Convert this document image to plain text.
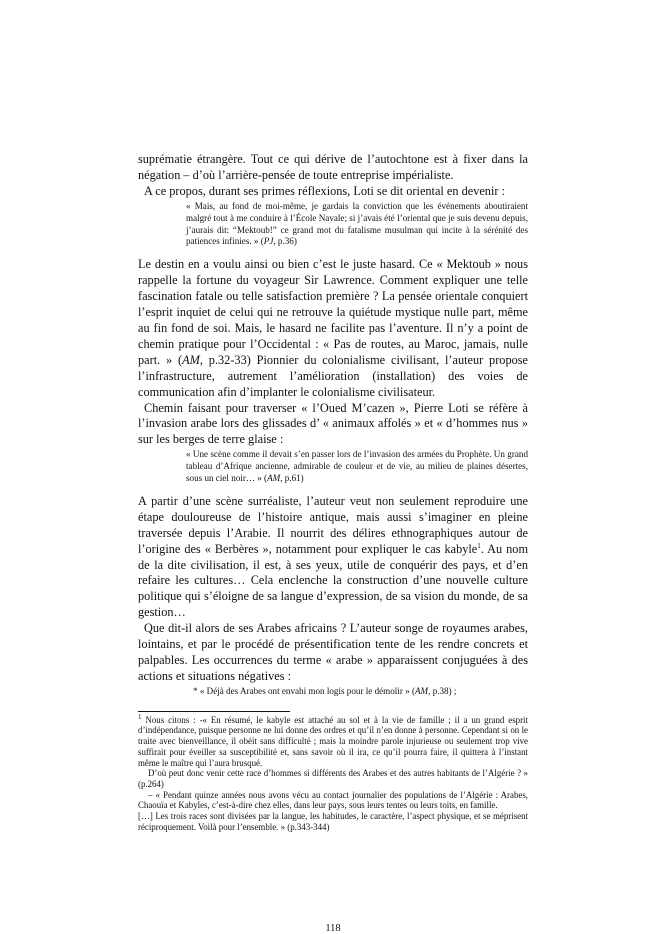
suprématie étrangère. Tout ce qui dérive de l’autochtone est à fixer dans la négation – d’où l’arrière-pensée de toute entreprise impérialiste.

A ce propos, durant ses primes réflexions, Loti se dit oriental en devenir :

« Mais, au fond de moi-même, je gardais la conviction que les événements aboutiraient malgré tout à me conduire à l’École Navale; si j’avais été l’oriental que je suis devenu depuis, j’aurais dit: “Mektoub!” ce grand mot du fatalisme musulman qui incite à la sérénité des patiences infinies. » (PJ, p.36)

Le destin en a voulu ainsi ou bien c’est le juste hasard. Ce « Mektoub » nous rappelle la fortune du voyageur Sir Lawrence. Comment expliquer une telle fascination fatale ou telle satisfaction première ? La pensée orientale conquiert l’esprit inquiet de celui qui ne retrouve la quiétude mystique nulle part, même au fin fond de soi. Mais, le hasard ne facilite pas l’aventure. Il n’y a point de chemin pratique pour l’Occidental : « Pas de routes, au Maroc, jamais, nulle part. » (AM, p.32-33) Pionnier du colonialisme civilisant, l’auteur propose l’infrastructure, autrement l’amélioration (installation) des voies de communication afin d’implanter le colonialisme civilisateur.

Chemin faisant pour traverser « l’Oued M’cazen », Pierre Loti se réfère à l’invasion arabe lors des glissades d’ « animaux affolés » et « d’hommes nus » sur les berges de terre glaise :

« Une scène comme il devait s’en passer lors de l’invasion des armées du Prophète. Un grand tableau d’Afrique ancienne, admirable de couleur et de vie, au milieu de plaines désertes, sous un ciel noir… » (AM, p.61)

A partir d’une scène surréaliste, l’auteur veut non seulement reproduire une étape douloureuse de l’histoire antique, mais aussi s’imaginer en pleine traversée depuis l’Arabie. Il nourrit des délires ethnographiques autour de l’origine des « Berbères », notamment pour expliquer le cas kabyle$^1$. Au nom de la dite civilisation, il est, à ses yeux, utile de conquérir des pays, et d’en refaire les cultures… Cela enclenche la construction d’une nouvelle culture politique qui s’éloigne de sa langue d’expression, de sa vision du monde, de sa gestion…

Que dit-il alors de ses Arabes africains ? L’auteur songe de royaumes arabes, lointains, et par le procédé de présentification tente de les rendre concrets et palpables. Les occurrences du terme « arabe » apparaissent conjuguées à des actions et situations négatives :

* « Déjà des Arabes ont envahi mon logis pour le démolir » (AM, p.38) ;

$^1$ Nous citons : -« En résumé, le kabyle est attaché au sol et à la vie de famille ; il a un grand esprit d’indépendance, puisque personne ne lui donne des ordres et qu’il n’en donne à personne. Cependant si on le traite avec bienveillance, il obéit sans difficulté ; mais la moindre parole injurieuse ou seulement trop vive suffirait pour éveiller sa susceptibilité et, sans savoir où il ira, ce qu’il pourra faire, il quittera à l’instant même le maître qui l’aura brusqué.

D’où peut donc venir cette race d’hommes si différents des Arabes et des autres habitants de l’Algérie ? » (p.264)

– « Pendant quinze années nous avons vécu au contact journalier des populations de l’Algérie : Arabes, Chaouïa et Kabyles, c’est-à-dire chez elles, dans leur pays, sous leurs tentes ou leurs toits, en famille.

[…] Les trois races sont divisées par la langue, les habitudes, le caractère, l’aspect physique, et se méprisent réciproquement. Voilà pour l’ensemble. » (p.343-344)

118
